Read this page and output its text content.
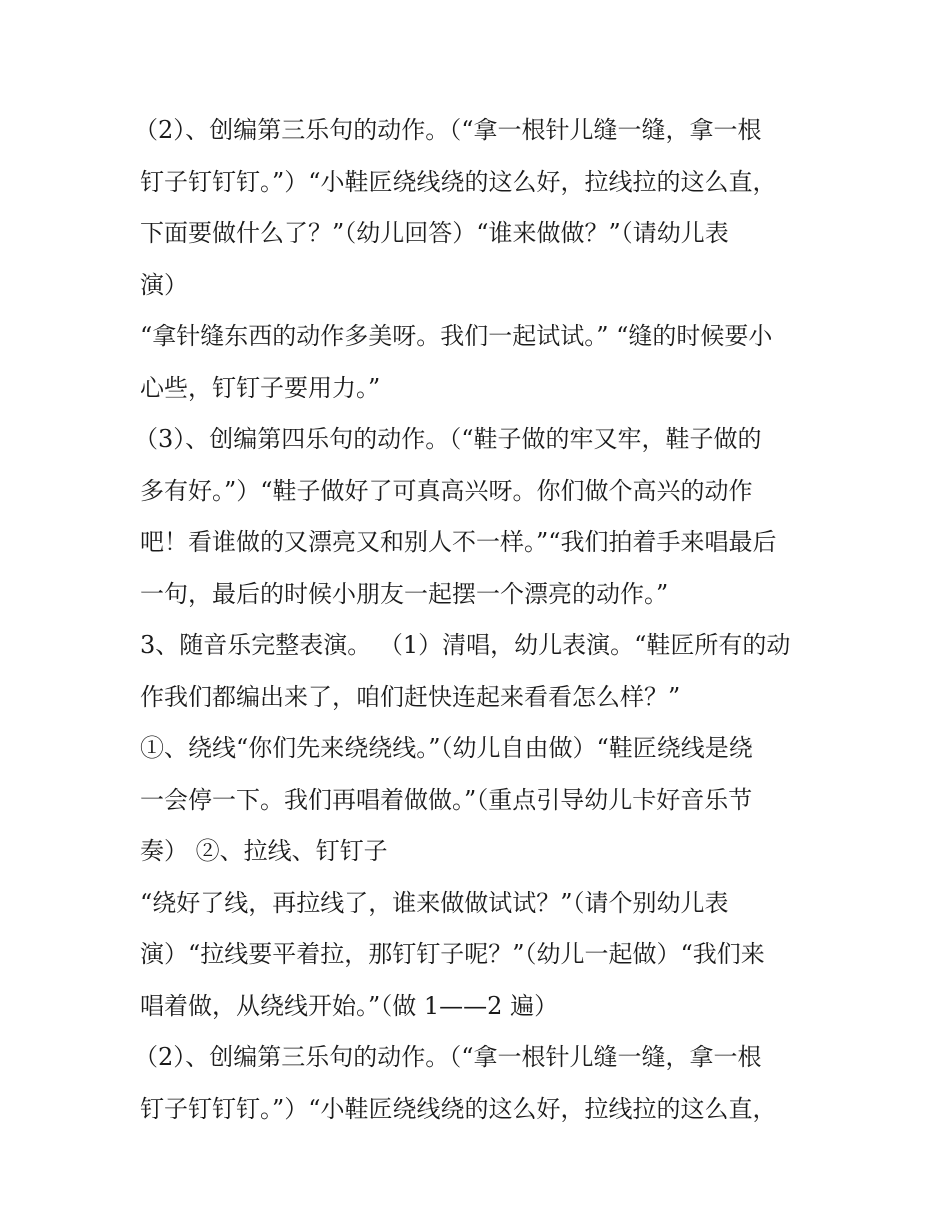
（2）、创编第三乐句的动作。（“拿一根针儿缝一缝，拿一根
钉子钉钉钉。”）“小鞋匠绕线绕的这么好，拉线拉的这么直，
下面要做什么了？”（幼儿回答）“谁来做做？”（请幼儿表
演）
“拿针缝东西的动作多美呀。我们一起试试。” “缝的时候要小
心些，钉钉子要用力。”
（3）、创编第四乐句的动作。（“鞋子做的牢又牢，鞋子做的
多有好。”）“鞋子做好了可真高兴呀。你们做个高兴的动作
吧！看谁做的又漂亮又和别人不一样。”“我们拍着手来唱最后
一句，最后的时候小朋友一起摆一个漂亮的动作。”
3、随音乐完整表演。 （1）清唱，幼儿表演。“鞋匠所有的动
作我们都编出来了，咱们赶快连起来看看怎么样？”
①、绕线“你们先来绕绕线。”（幼儿自由做）“鞋匠绕线是绕
一会停一下。我们再唱着做做。”（重点引导幼儿卡好音乐节
奏） ②、拉线、钉钉子
“绕好了线，再拉线了，谁来做做试试？”（请个别幼儿表
演）“拉线要平着拉，那钉钉子呢？”（幼儿一起做）“我们来
唱着做，从绕线开始。”（做 1——2 遍）
（2）、创编第三乐句的动作。（“拿一根针儿缝一缝，拿一根
钉子钉钉钉。”）“小鞋匠绕线绕的这么好，拉线拉的这么直，
